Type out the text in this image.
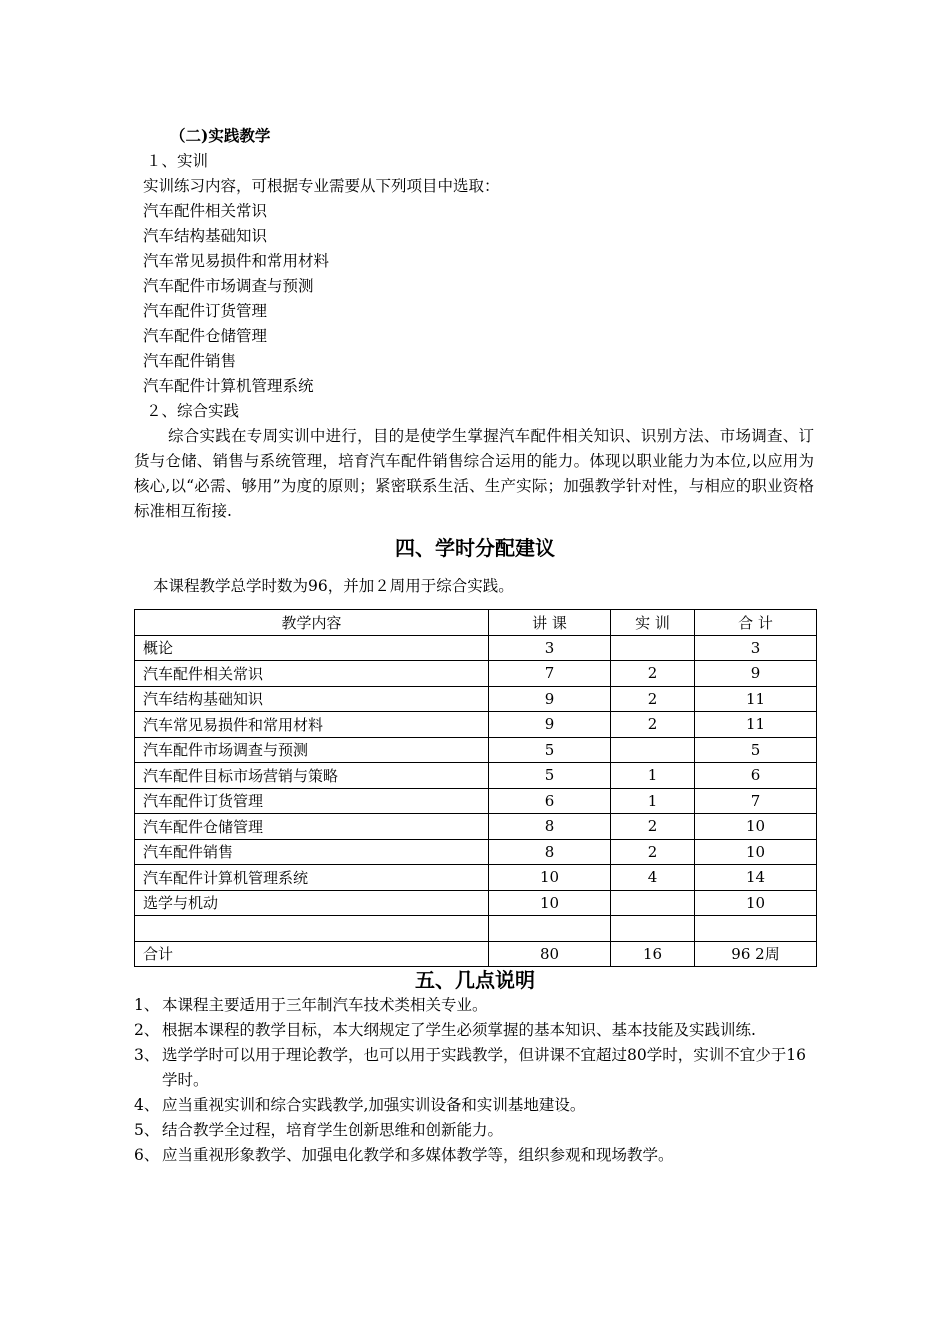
（二)实践教学
１、实训
实训练习内容，可根据专业需要从下列项目中选取：
汽车配件相关常识
汽车结构基础知识
汽车常见易损件和常用材料
汽车配件市场调查与预测
汽车配件订货管理
汽车配件仓储管理
汽车配件销售
汽车配件计算机管理系统
２、综合实践
综合实践在专周实训中进行，目的是使学生掌握汽车配件相关知识、识别方法、市场调查、订货与仓储、销售与系统管理，培育汽车配件销售综合运用的能力。体现以职业能力为本位,以应用为核心,以“必需、够用”为度的原则；紧密联系生活、生产实际；加强教学针对性，与相应的职业资格标准相互衔接.
四、学时分配建议
本课程教学总学时数为96，并加２周用于综合实践。
教学内容	讲 课	实 训	合 计
概论	3		3
汽车配件相关常识	7	2	9
汽车结构基础知识	9	2	11
汽车常见易损件和常用材料	9	2	11
汽车配件市场调查与预测	5		5
汽车配件目标市场营销与策略	5	1	6
汽车配件订货管理	6	1	7
汽车配件仓储管理	8	2	10
汽车配件销售	8	2	10
汽车配件计算机管理系统	10	4	14
选学与机动	10		10

合计	80	16	96 2周
五、几点说明
1、 本课程主要适用于三年制汽车技术类相关专业。
2、 根据本课程的教学目标，本大纲规定了学生必须掌握的基本知识、基本技能及实践训练.
3、 选学学时可以用于理论教学，也可以用于实践教学，但讲课不宜超过80学时，实训不宜少于16学时。
4、 应当重视实训和综合实践教学,加强实训设备和实训基地建设。
5、 结合教学全过程，培育学生创新思维和创新能力。
6、 应当重视形象教学、加强电化教学和多媒体教学等，组织参观和现场教学。
